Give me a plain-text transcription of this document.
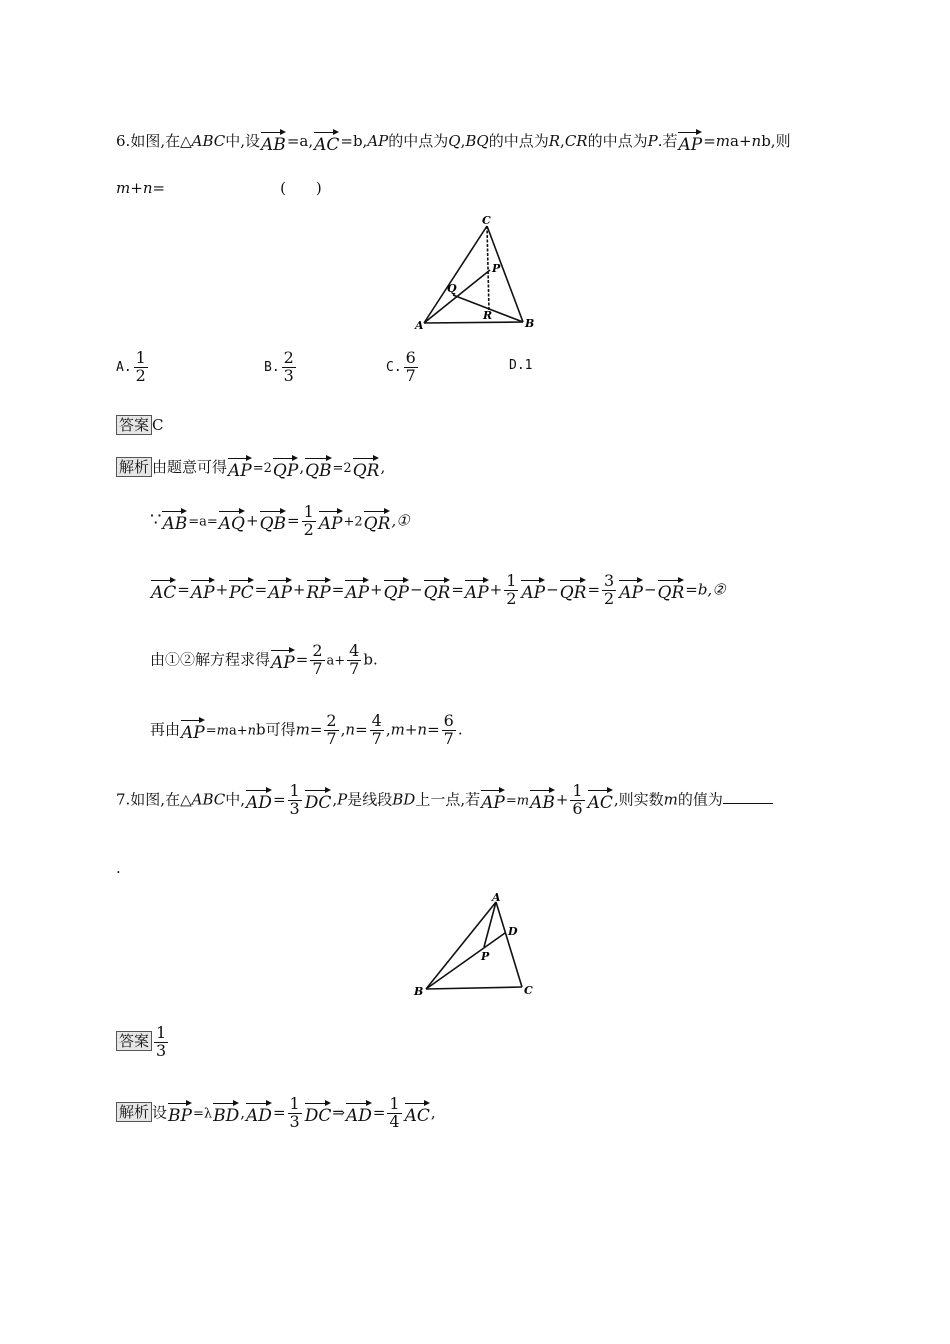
6.如图,在△ABC中,设AB=a,AC=b,AP的中点为Q,BQ的中点为R,CR的中点为P.若AP=ma+nb,则
m+n=	(　　)
C
P
Q
R
A	B
A. $\frac{1}{2}$	B. $\frac{2}{3}$	C. $\frac{6}{7}$	D.1
答案 C
解析 由题意可得AP=2QP,QB=2QR,
∵AB=a=AQ+QB= $\frac{1}{2}$ AP+2QR,①
$AC=AP+PC=AP+RP=AP+QP-QR=AP+ \frac{1}{2} AP-QR= \frac{3}{2}$ AP−QR=b,②
由①②解方程求得$AP= \frac{2}{7} a+ \frac{4}{7} b$.
再由AP=ma+nb可得$m= \frac{2}{7} ,n= \frac{4}{7} ,m+n= \frac{6}{7}$ .
7.如图,在△ABC中$,AD= \frac{1}{3} DC,P$是线段BD上一点,若$AP=mAB+ \frac{1}{6}$ AC,则实数m的值为
.
A
D
P
B	C
答案 $\frac{1}{3}$
解析 设$BP=\lambda BD,AD= \frac{1}{3}$ DC⇒AD= $\frac{1}{4}$ AC,
